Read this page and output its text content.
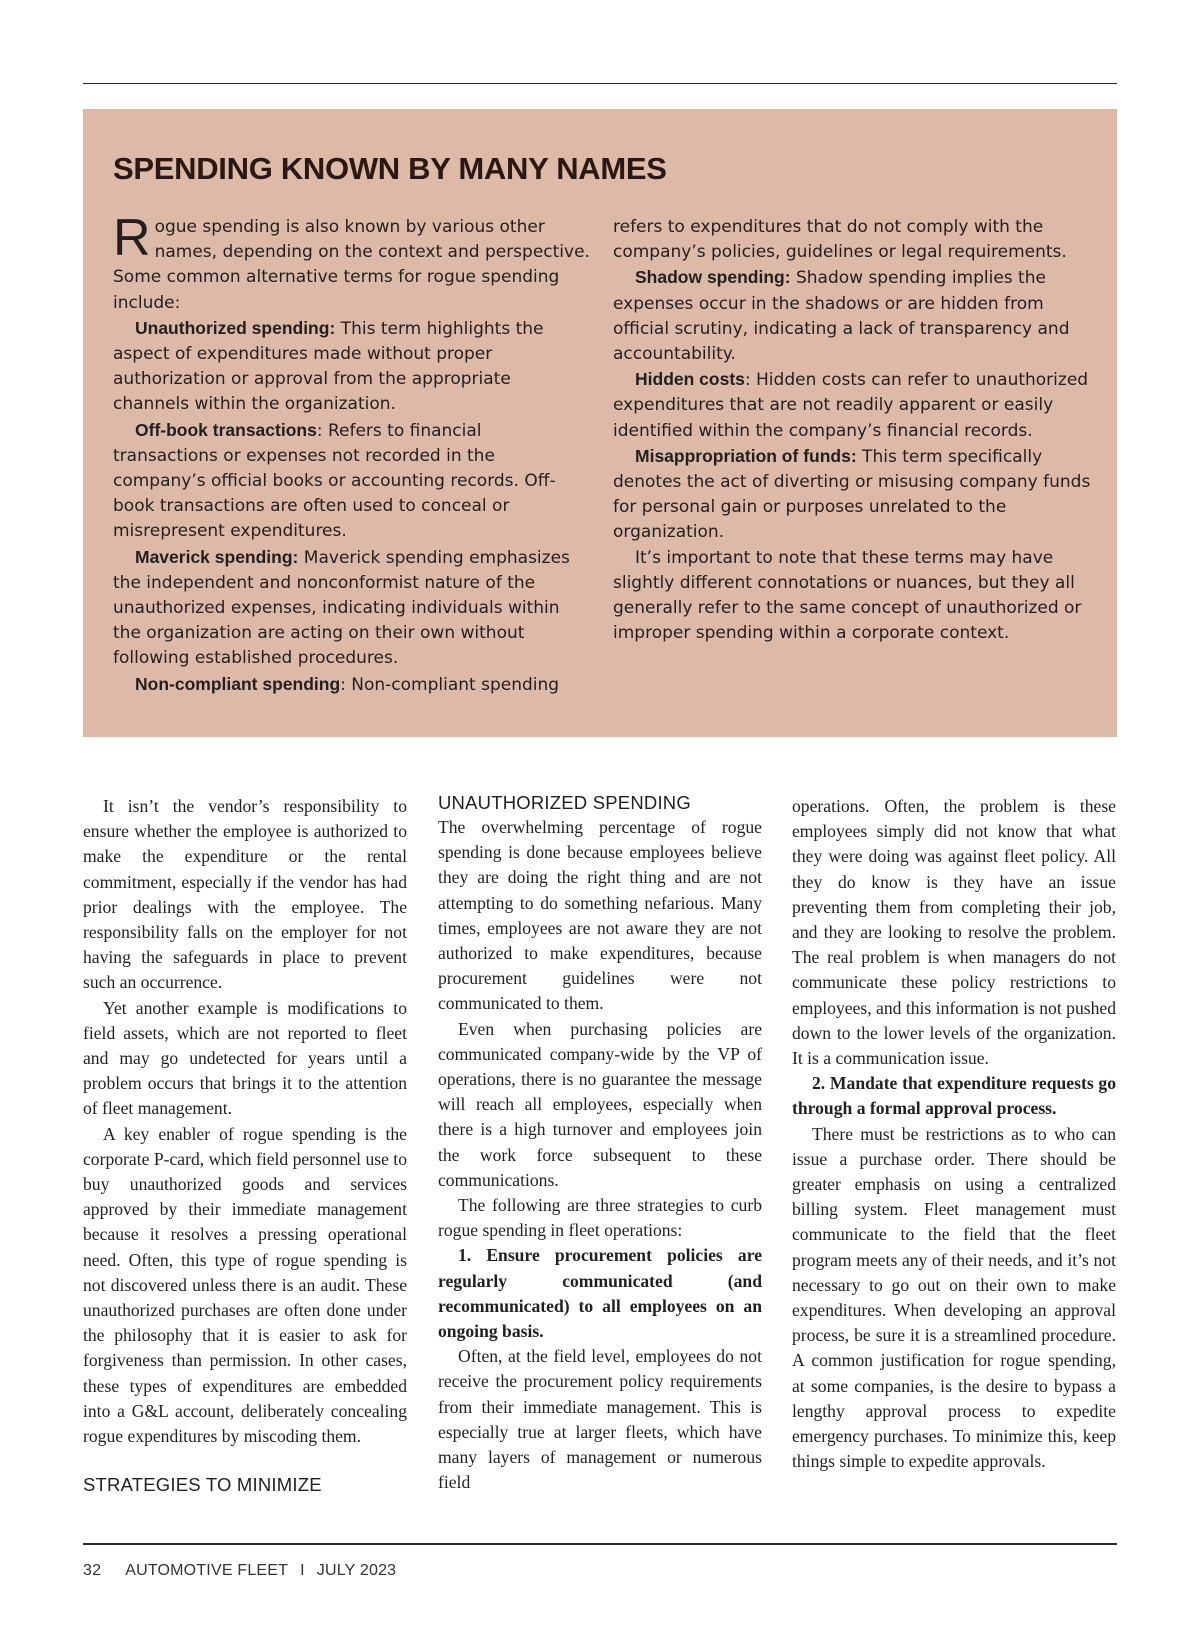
SPENDING KNOWN BY MANY NAMES

Rogue spending is also known by various other names, depending on the context and perspective. Some common alternative terms for rogue spending include:

Unauthorized spending: This term highlights the aspect of expenditures made without proper authorization or approval from the appropriate channels within the organization.

Off-book transactions: Refers to financial transactions or expenses not recorded in the company’s official books or accounting records. Off-book transactions are often used to conceal or misrepresent expenditures.

Maverick spending: Maverick spending emphasizes the independent and nonconformist nature of the unauthorized expenses, indicating individuals within the organization are acting on their own without following established procedures.

Non-compliant spending: Non-compliant spending

refers to expenditures that do not comply with the company’s policies, guidelines or legal requirements.

Shadow spending: Shadow spending implies the expenses occur in the shadows or are hidden from official scrutiny, indicating a lack of transparency and accountability.

Hidden costs: Hidden costs can refer to unauthorized expenditures that are not readily apparent or easily identified within the company’s financial records.

Misappropriation of funds: This term specifically denotes the act of diverting or misusing company funds for personal gain or purposes unrelated to the organization.

It’s important to note that these terms may have slightly different connotations or nuances, but they all generally refer to the same concept of unauthorized or improper spending within a corporate context.

It isn’t the vendor’s responsibility to ensure whether the employee is authorized to make the expenditure or the rental commitment, especially if the vendor has had prior dealings with the employee. The responsibility falls on the employer for not having the safeguards in place to prevent such an occurrence.

Yet another example is modifications to field assets, which are not reported to fleet and may go undetected for years until a problem occurs that brings it to the attention of fleet management.

A key enabler of rogue spending is the corporate P-card, which field personnel use to buy unauthorized goods and services approved by their immediate management because it resolves a pressing operational need. Often, this type of rogue spending is not discovered unless there is an audit. These unauthorized purchases are often done under the philosophy that it is easier to ask for forgiveness than permission. In other cases, these types of expenditures are embedded into a G&L account, deliberately concealing rogue expenditures by miscoding them.

STRATEGIES TO MINIMIZE
UNAUTHORIZED SPENDING

The overwhelming percentage of rogue spending is done because employees believe they are doing the right thing and are not attempting to do something nefarious. Many times, employees are not aware they are not authorized to make expenditures, because procurement guidelines were not communicated to them.

Even when purchasing policies are communicated company-wide by the VP of operations, there is no guarantee the message will reach all employees, especially when there is a high turnover and employees join the work force subsequent to these communications.

The following are three strategies to curb rogue spending in fleet operations:

1. Ensure procurement policies are regularly communicated (and recommunicated) to all employees on an ongoing basis.

Often, at the field level, employees do not receive the procurement policy requirements from their immediate management. This is especially true at larger fleets, which have many layers of management or numerous field

operations. Often, the problem is these employees simply did not know that what they were doing was against fleet policy. All they do know is they have an issue preventing them from completing their job, and they are looking to resolve the problem. The real problem is when managers do not communicate these policy restrictions to employees, and this information is not pushed down to the lower levels of the organization. It is a communication issue.

2. Mandate that expenditure requests go through a formal approval process.

There must be restrictions as to who can issue a purchase order. There should be greater emphasis on using a centralized billing system. Fleet management must communicate to the field that the fleet program meets any of their needs, and it’s not necessary to go out on their own to make expenditures. When developing an approval process, be sure it is a streamlined procedure. A common justification for rogue spending, at some companies, is the desire to bypass a lengthy approval process to expedite emergency purchases. To minimize this, keep things simple to expedite approvals.

32 AUTOMOTIVE FLEET I JULY 2023
